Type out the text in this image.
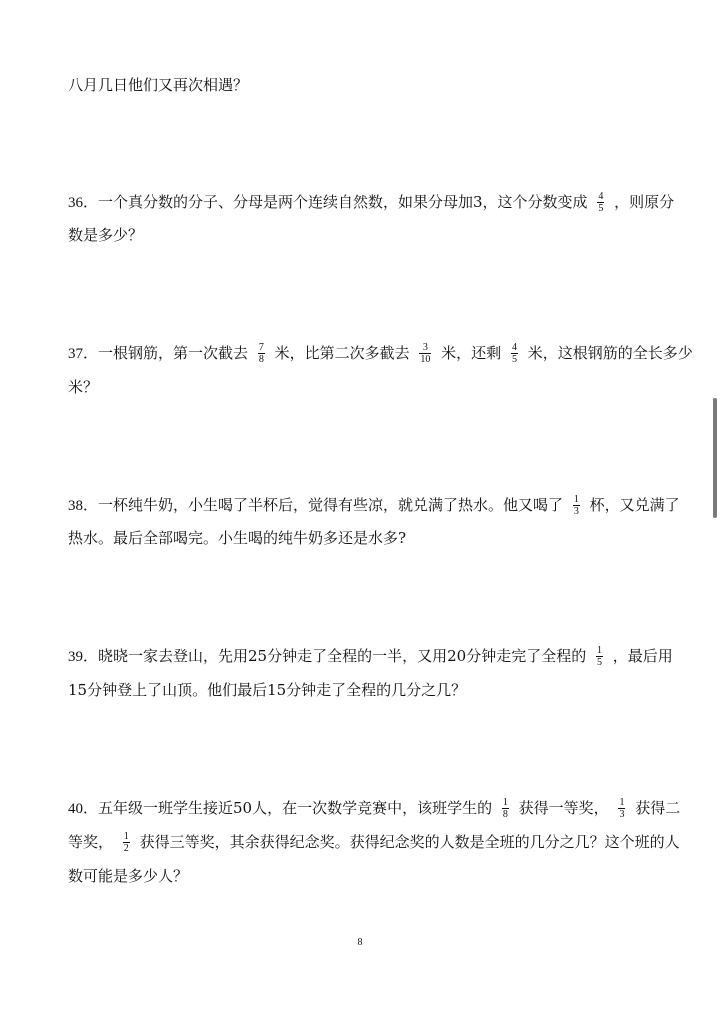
八月几日他们又再次相遇？
36．一个真分数的分子、分母是两个连续自然数，如果分母加3，这个分数变成 $\frac{4}{5}$ ，则原分
数是多少？
37．一根钢筋，第一次截去 $\frac{7}{8}$ 米，比第二次多截去 $\frac{3}{10}$ 米，还剩 $\frac{4}{5}$ 米，这根钢筋的全长多少
米？
38．一杯纯牛奶，小生喝了半杯后，觉得有些凉，就兑满了热水。他又喝了 $\frac{1}{3}$ 杯，又兑满了
热水。最后全部喝完。小生喝的纯牛奶多还是水多?
39．晓晓一家去登山，先用25分钟走了全程的一半，又用20分钟走完了全程的 $\frac{1}{5}$ ，最后用
15分钟登上了山顶。他们最后15分钟走了全程的几分之几？
40．五年级一班学生接近50人，在一次数学竞赛中，该班学生的 $\frac{1}{8}$ 获得一等奖， $\frac{1}{3}$ 获得二
等奖， $\frac{1}{2}$ 获得三等奖，其余获得纪念奖。获得纪念奖的人数是全班的几分之几？这个班的人
数可能是多少人？
8
